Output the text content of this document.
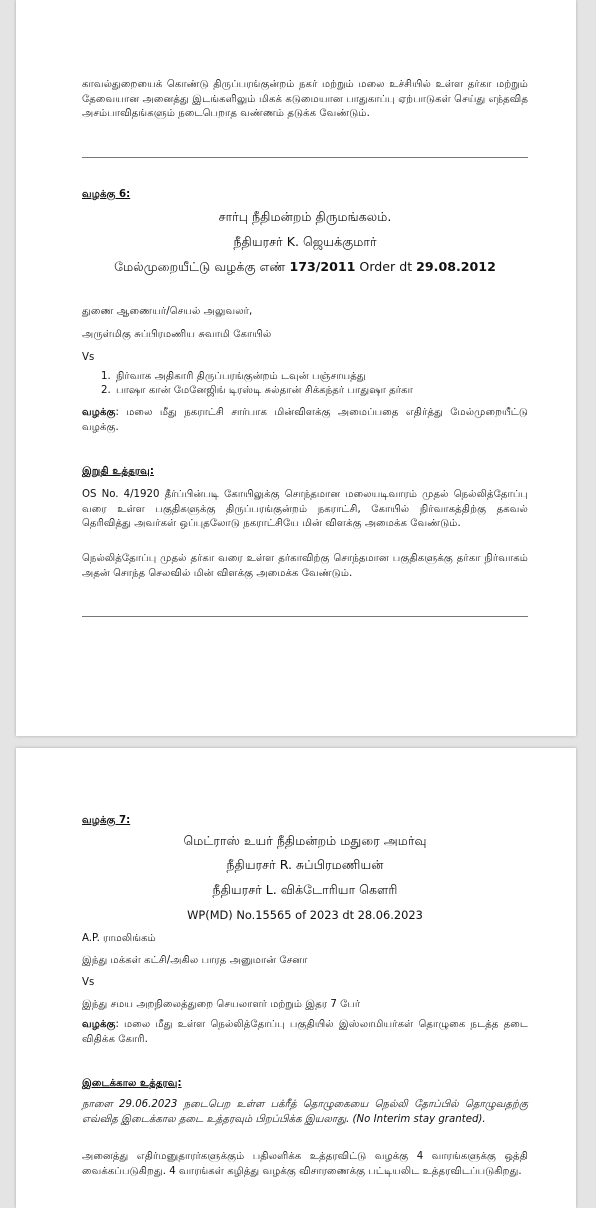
காவல்துறையைக் கொண்டு திருப்பரங்குன்றம் நகர் மற்றும் மலை உச்சியில் உள்ள தர்கா மற்றும் தேவையான அனைத்து இடங்களிலும் மிகக் கடுமையான பாதுகாப்பு ஏற்பாடுகள் செய்து எந்தவித அசம்பாவிதங்களும் நடைபெறாத வண்ணம் தடுக்க வேண்டும்.

வழக்கு 6:
சார்பு நீதிமன்றம் திருமங்கலம்.
நீதியரசர் K. ஜெயக்குமார்
மேல்முறையீட்டு வழக்கு எண் 173/2011 Order dt 29.08.2012
துணை ஆணையர்/செயல் அலுவலர்,
அருள்மிகு சுப்பிரமணிய சுவாமி கோயில்
Vs
1. நிர்வாக அதிகாரி திருப்பரங்குன்றம் டவுன் பஞ்சாயத்து
2. பாஷா கான் மேனேஜிங் டிரஸ்டி சுல்தான் சிக்கந்தர் பாதுஷா தர்கா

வழக்கு: மலை மீது நகராட்சி சார்பாக மின்விளக்கு அமைப்பதை எதிர்த்து மேல்முறையீட்டு வழக்கு.

இறுதி உத்தரவு:

OS No. 4/1920 தீர்ப்பின்படி கோயிலுக்கு சொந்தமான மலையடிவாரம் முதல் நெல்லித்தோப்பு வரை உள்ள பகுதிகளுக்கு திருப்பரங்குன்றம் நகராட்சி, கோயில் நிர்வாகத்திற்கு தகவல் தெரிவித்து அவர்கள் ஒப்புதலோடு நகராட்சியே மின் விளக்கு அமைக்க வேண்டும்.

நெல்லித்தோப்பு முதல் தர்கா வரை உள்ள தர்காவிற்கு சொந்தமான பகுதிகளுக்கு தர்கா நிர்வாகம் அதன் சொந்த செலவில் மின் விளக்கு அமைக்க வேண்டும்.

வழக்கு 7:
மெட்ராஸ் உயர் நீதிமன்றம் மதுரை அமர்வு
நீதியரசர் R. சுப்பிரமணியன்
நீதியரசர் L. விக்டோரியா கௌரி
WP(MD) No.15565 of 2023 dt 28.06.2023
A.P. ராமலிங்கம்
இந்து மக்கள் கட்சி/அகில பாரத அனுமான் சேனா
Vs
இந்து சமய அறநிலைத்துறை செயலாளர் மற்றும் இதர 7 பேர்

வழக்கு: மலை மீது உள்ள நெல்லித்தோப்பு பகுதியில் இஸ்லாமியர்கள் தொழுகை நடத்த தடை விதிக்க கோரி.

இடைக்கால உத்தரவு:

நாளை 29.06.2023 நடைபெற உள்ள பக்ரீத் தொழுகையை நெல்லி தோப்பில் தொழுவதற்கு எவ்வித இடைக்கால தடை உத்தரவும் பிறப்பிக்க இயலாது. (No Interim stay granted).

அனைத்து எதிர்மனுதாரர்களுக்கும் பதிலளிக்க உத்தரவிட்டு வழக்கு 4 வாரங்களுக்கு ஒத்தி வைக்கப்படுகிறது. 4 வாரங்கள் கழித்து வழக்கு விசாரணைக்கு பட்டியலிட உத்தரவிடப்படுகிறது.
